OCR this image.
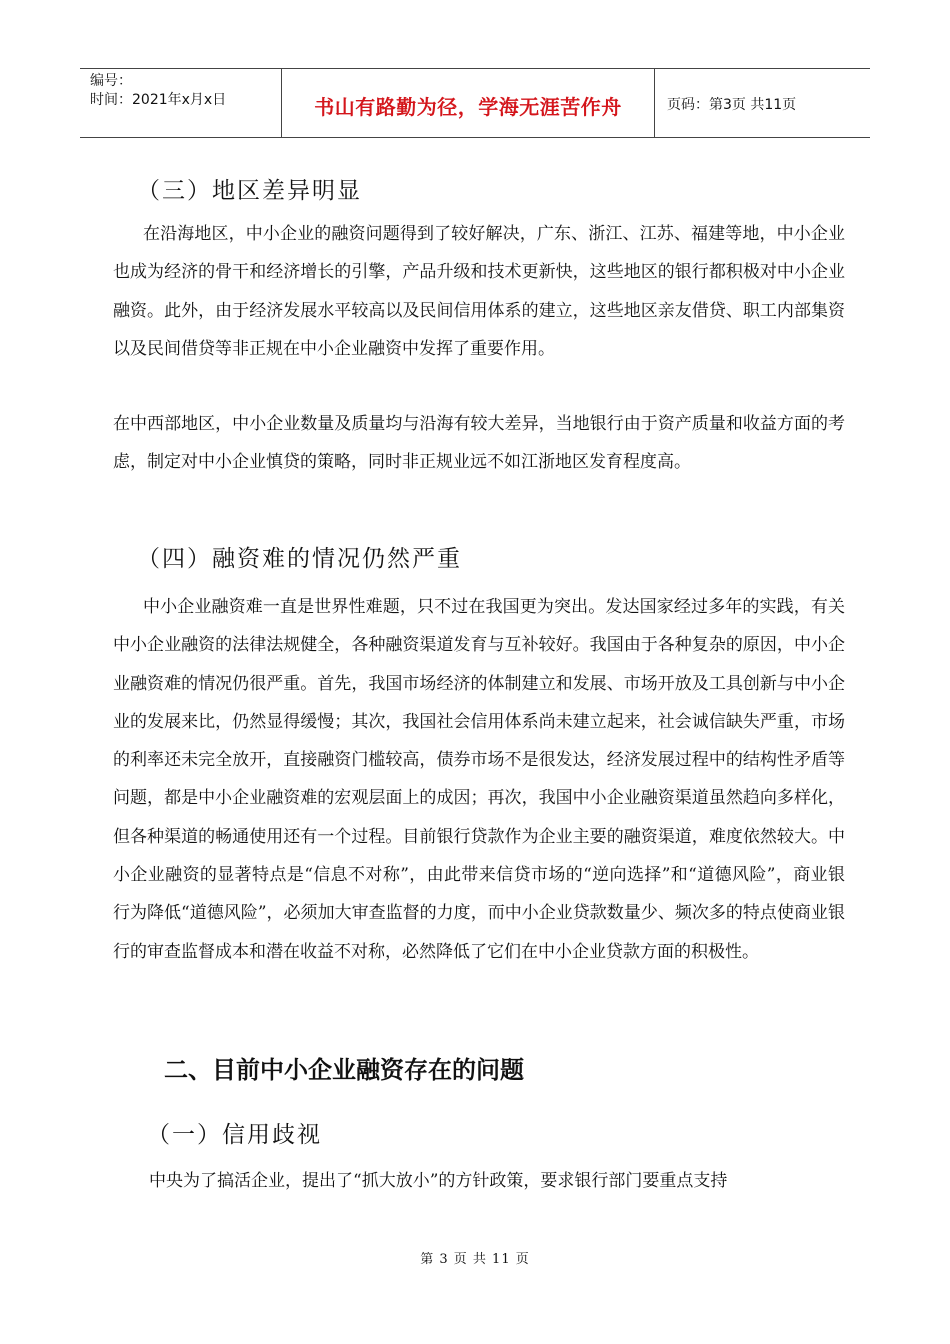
编号：
时间：2021年x月x日	书山有路勤为径，学海无涯苦作舟	页码：第3页 共11页
（三）地区差异明显

在沿海地区，中小企业的融资问题得到了较好解决，广东、浙江、江苏、福建等地，中小企业也成为经济的骨干和经济增长的引擎，产品升级和技术更新快，这些地区的银行都积极对中小企业融资。此外，由于经济发展水平较高以及民间信用体系的建立，这些地区亲友借贷、职工内部集资以及民间借贷等非正规在中小企业融资中发挥了重要作用。

在中西部地区，中小企业数量及质量均与沿海有较大差异，当地银行由于资产质量和收益方面的考虑，制定对中小企业慎贷的策略，同时非正规业远不如江浙地区发育程度高。

（四）融资难的情况仍然严重

中小企业融资难一直是世界性难题，只不过在我国更为突出。发达国家经过多年的实践，有关中小企业融资的法律法规健全，各种融资渠道发育与互补较好。我国由于各种复杂的原因，中小企业融资难的情况仍很严重。首先，我国市场经济的体制建立和发展、市场开放及工具创新与中小企业的发展来比，仍然显得缓慢；其次，我国社会信用体系尚未建立起来，社会诚信缺失严重，市场的利率还未完全放开，直接融资门槛较高，债券市场不是很发达，经济发展过程中的结构性矛盾等问题，都是中小企业融资难的宏观层面上的成因；再次，我国中小企业融资渠道虽然趋向多样化，但各种渠道的畅通使用还有一个过程。目前银行贷款作为企业主要的融资渠道，难度依然较大。中小企业融资的显著特点是“信息不对称”，由此带来信贷市场的“逆向选择”和“道德风险”，商业银行为降低“道德风险”，必须加大审查监督的力度，而中小企业贷款数量少、频次多的特点使商业银行的审查监督成本和潜在收益不对称，必然降低了它们在中小企业贷款方面的积极性。

二、目前中小企业融资存在的问题
（一）信用歧视

中央为了搞活企业，提出了“抓大放小”的方针政策，要求银行部门要重点支持

第 3 页 共 11 页
